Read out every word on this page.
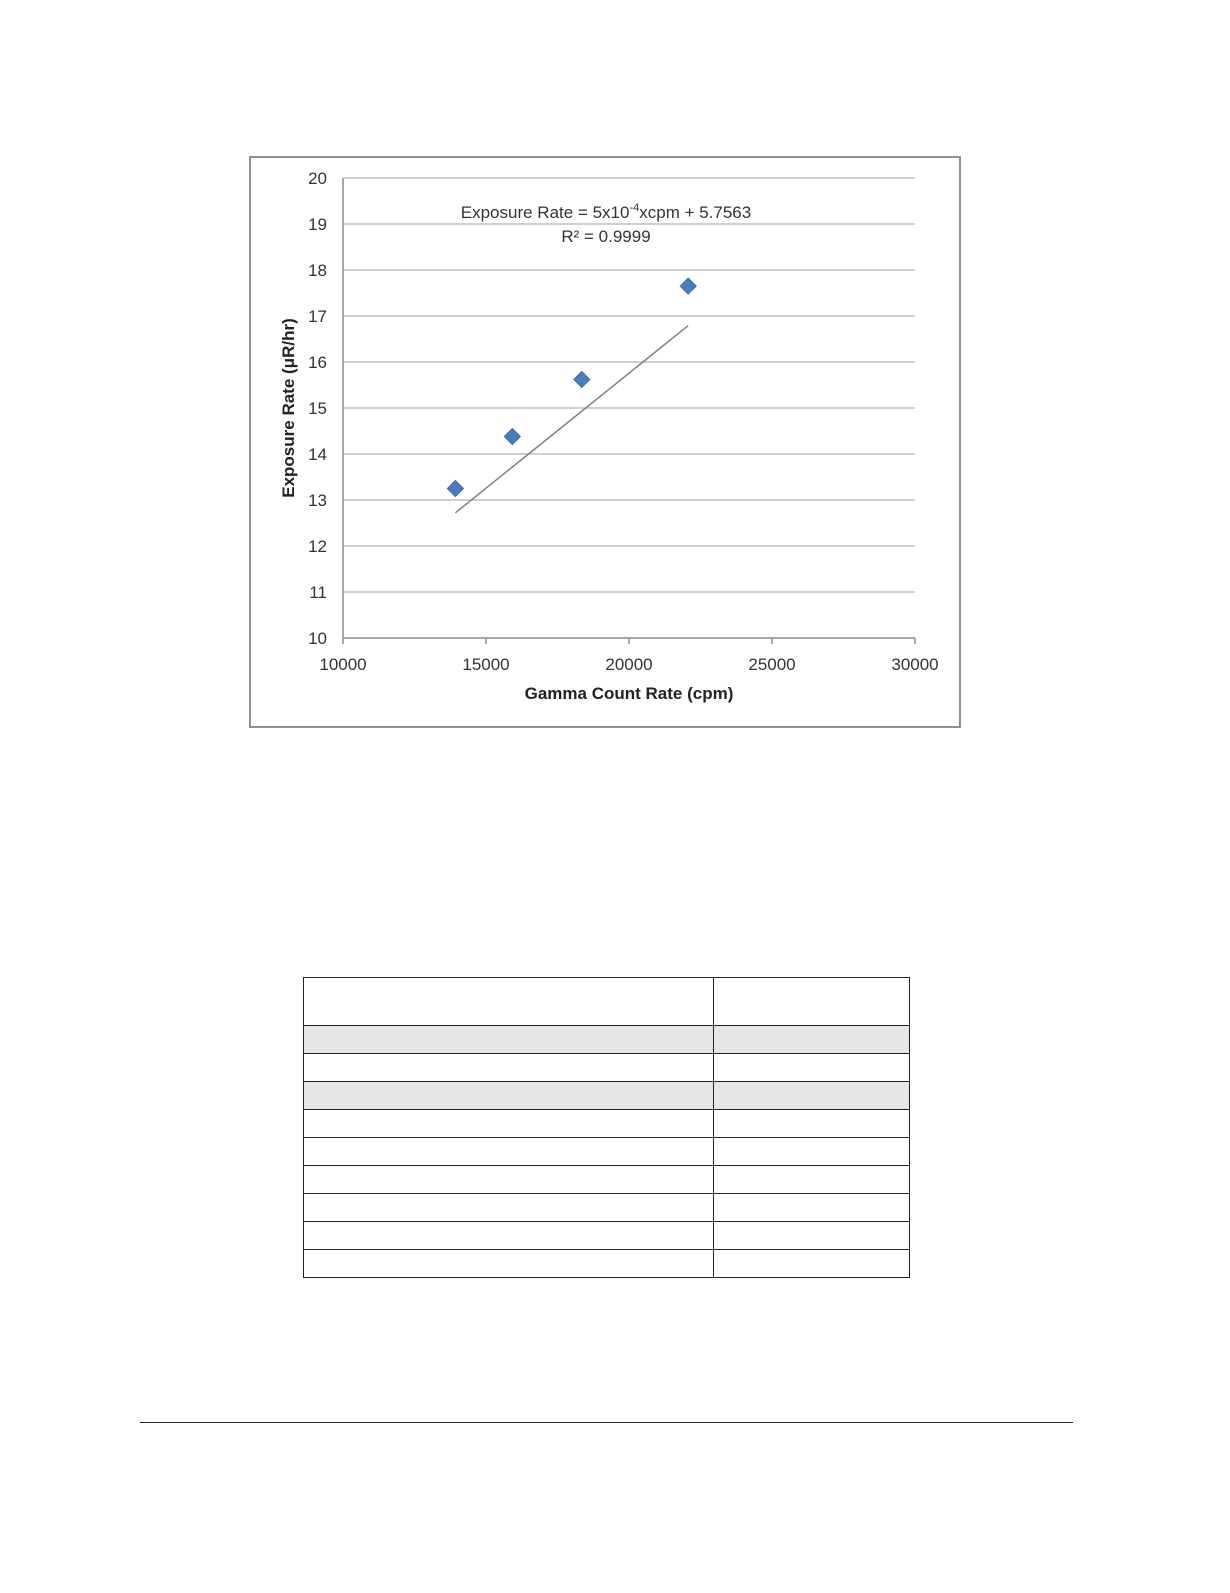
10
11
12
13
14
15
16
17
18
19
20
10000	15000	20000	25000	30000
Exposure Rate = $5x10^{-4}xcpm + 5.7563$
R² = 0.9999
Gamma Count Rate (cpm)
Exposure Rate (μR/hr)
